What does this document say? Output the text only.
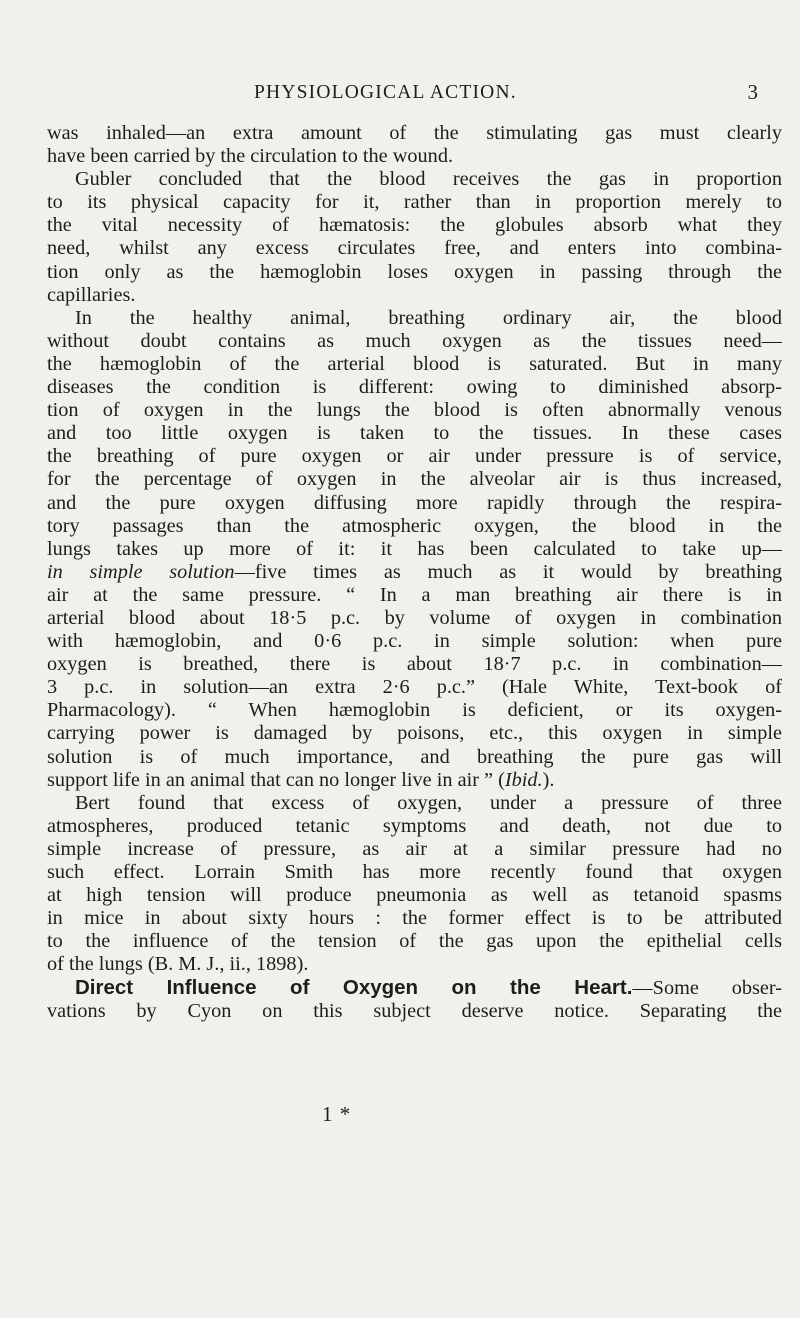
PHYSIOLOGICAL ACTION.	3
was inhaled—an extra amount of the stimulating gas must clearly
have been carried by the circulation to the wound.
Gubler concluded that the blood receives the gas in proportion
to its physical capacity for it, rather than in proportion merely to
the vital necessity of hæmatosis: the globules absorb what they
need, whilst any excess circulates free, and enters into combina-
tion only as the hæmoglobin loses oxygen in passing through the
capillaries.
In the healthy animal, breathing ordinary air, the blood
without doubt contains as much oxygen as the tissues need—
the hæmoglobin of the arterial blood is saturated. But in many
diseases the condition is different: owing to diminished absorp-
tion of oxygen in the lungs the blood is often abnormally venous
and too little oxygen is taken to the tissues. In these cases
the breathing of pure oxygen or air under pressure is of service,
for the percentage of oxygen in the alveolar air is thus increased,
and the pure oxygen diffusing more rapidly through the respira-
tory passages than the atmospheric oxygen, the blood in the
lungs takes up more of it: it has been calculated to take up—
in simple solution—five times as much as it would by breathing
air at the same pressure. “ In a man breathing air there is in
arterial blood about 18·5 p.c. by volume of oxygen in combination
with hæmoglobin, and 0·6 p.c. in simple solution: when pure
oxygen is breathed, there is about 18·7 p.c. in combination—
3 p.c. in solution—an extra 2·6 p.c.” (Hale White, Text-book of
Pharmacology). “ When hæmoglobin is deficient, or its oxygen-
carrying power is damaged by poisons, etc., this oxygen in simple
solution is of much importance, and breathing the pure gas will
support life in an animal that can no longer live in air ” (Ibid.).
Bert found that excess of oxygen, under a pressure of three
atmospheres, produced tetanic symptoms and death, not due to
simple increase of pressure, as air at a similar pressure had no
such effect. Lorrain Smith has more recently found that oxygen
at high tension will produce pneumonia as well as tetanoid spasms
in mice in about sixty hours : the former effect is to be attributed
to the influence of the tension of the gas upon the epithelial cells
of the lungs (B. M. J., ii., 1898).
Direct Influence of Oxygen on the Heart.—Some obser-
vations by Cyon on this subject deserve notice. Separating the
1 *
